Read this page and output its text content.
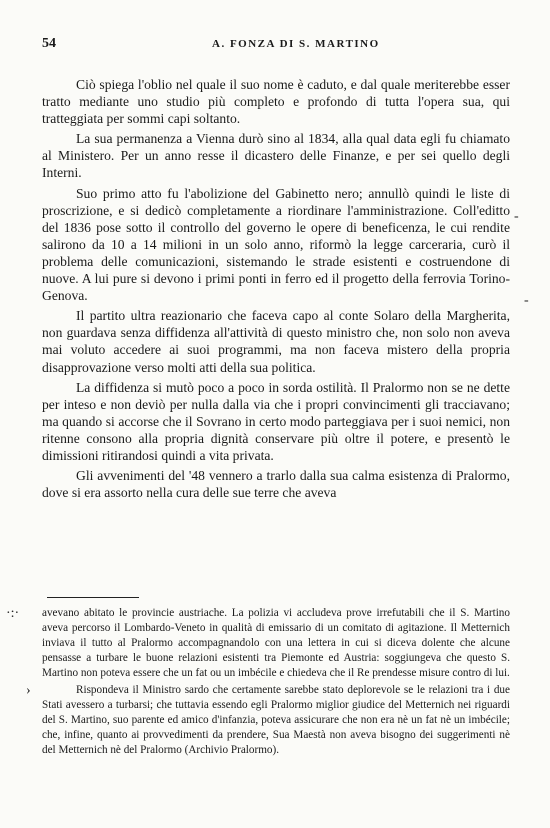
54	A. FONZA DI S. MARTINO

Ciò spiega l'oblio nel quale il suo nome è caduto, e dal quale meriterebbe esser tratto mediante uno studio più completo e profondo di tutta l'opera sua, qui tratteggiata per sommi capi soltanto.

La sua permanenza a Vienna durò sino al 1834, alla qual data egli fu chiamato al Ministero. Per un anno resse il dicastero delle Finanze, e per sei quello degli Interni.

Suo primo atto fu l'abolizione del Gabinetto nero; annullò quindi le liste di proscrizione, e si dedicò completamente a riordinare l'amministrazione. Coll'editto del 1836 pose sotto il controllo del governo le opere di beneficenza, le cui rendite salirono da 10 a 14 milioni in un solo anno, riformò la legge carceraria, curò il problema delle comunicazioni, sistemando le strade esistenti e costruendone di nuove. A lui pure si devono i primi ponti in ferro ed il progetto della ferrovia Torino-Genova.

Il partito ultra reazionario che faceva capo al conte Solaro della Margherita, non guardava senza diffidenza all'attività di questo ministro che, non solo non aveva mai voluto accedere ai suoi programmi, ma non faceva mistero della propria disapprovazione verso molti atti della sua politica.

La diffidenza si mutò poco a poco in sorda ostilità. Il Pralormo non se ne dette per inteso e non deviò per nulla dalla via che i propri convincimenti gli tracciavano; ma quando si accorse che il Sovrano in certo modo parteggiava per i suoi nemici, non ritenne consono alla propria dignità conservare più oltre il potere, e presentò le dimissioni ritirandosi quindi a vita privata.

Gli avvenimenti del '48 vennero a trarlo dalla sua calma esistenza di Pralormo, dove si era assorto nella cura delle sue terre che aveva

avevano abitato le provincie austriache. La polizia vi accludeva prove irrefutabili che il S. Martino aveva percorso il Lombardo-Veneto in qualità di emissario di un comitato di agitazione. Il Metternich inviava il tutto al Pralormo accompagnandolo con una lettera in cui si diceva dolente che alcune pensasse a turbare le buone relazioni esistenti tra Piemonte ed Austria: soggiungeva che questo S. Martino non poteva essere che un fat ou un imbécile e chiedeva che il Re prendesse misure contro di lui.

Rispondeva il Ministro sardo che certamente sarebbe stato deplorevole se le relazioni tra i due Stati avessero a turbarsi; che tuttavia essendo egli Pralormo miglior giudice del Metternich nei riguardi del S. Martino, suo parente ed amico d'infanzia, poteva assicurare che non era nè un fat nè un imbécile; che, infine, quanto ai provvedimenti da prendere, Sua Maestà non aveva bisogno dei suggerimenti nè del Metternich nè del Pralormo (Archivio Pralormo).

-
-
·:·
›
